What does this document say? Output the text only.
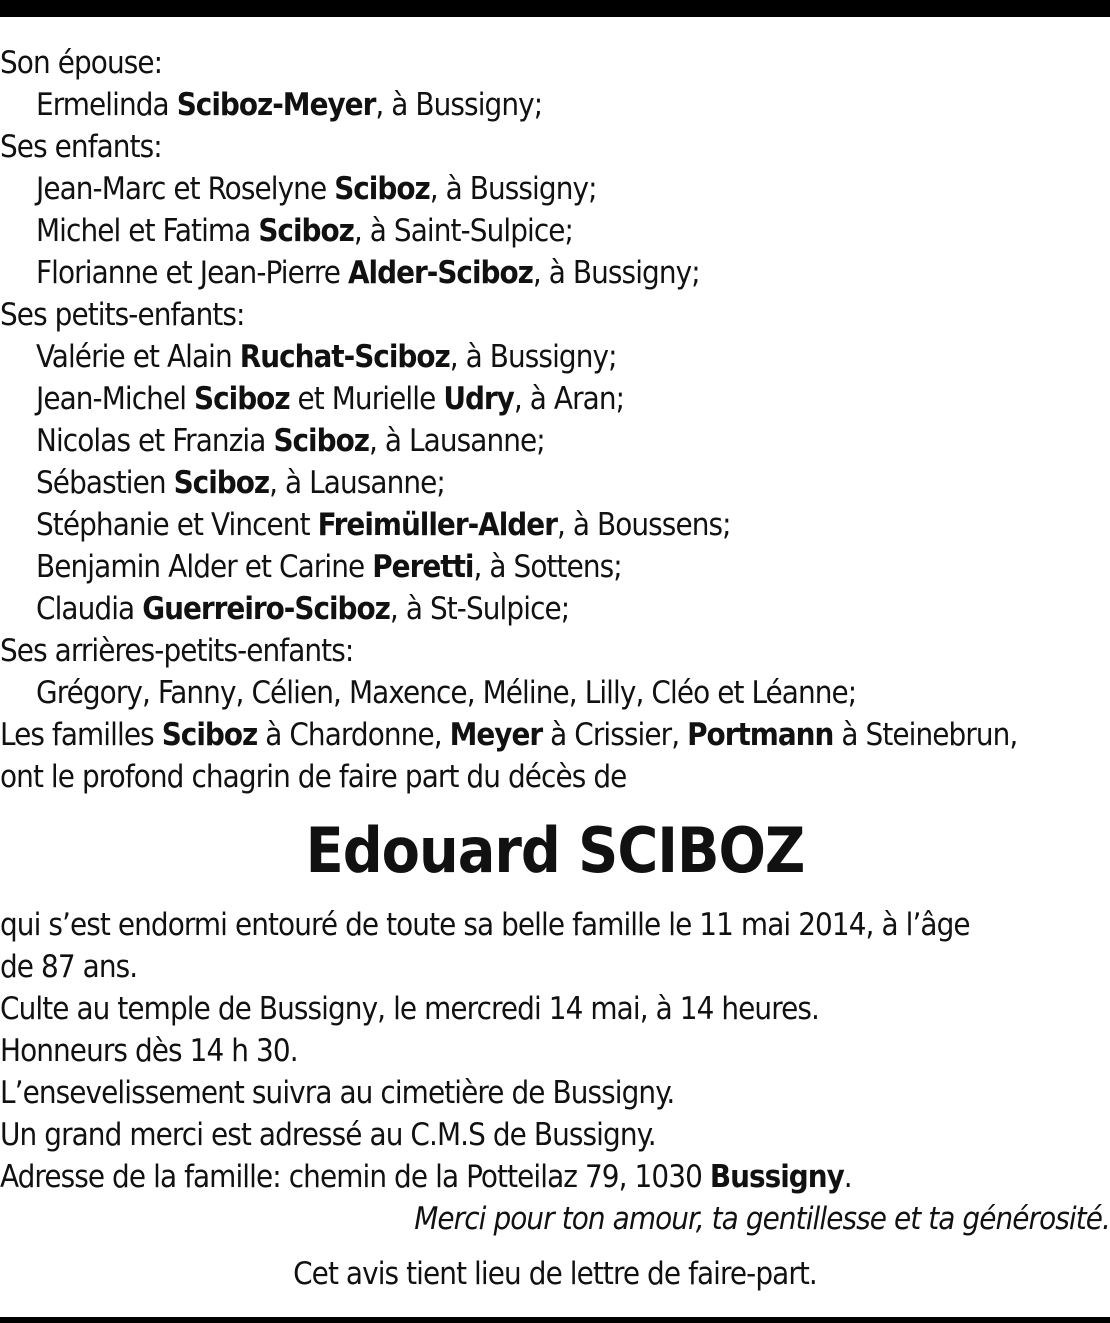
Son épouse:
Ermelinda Sciboz-Meyer, à Bussigny;
Ses enfants:
Jean-Marc et Roselyne Sciboz, à Bussigny;
Michel et Fatima Sciboz, à Saint-Sulpice;
Florianne et Jean-Pierre Alder-Sciboz, à Bussigny;
Ses petits-enfants:
Valérie et Alain Ruchat-Sciboz, à Bussigny;
Jean-Michel Sciboz et Murielle Udry, à Aran;
Nicolas et Franzia Sciboz, à Lausanne;
Sébastien Sciboz, à Lausanne;
Stéphanie et Vincent Freimüller-Alder, à Boussens;
Benjamin Alder et Carine Peretti, à Sottens;
Claudia Guerreiro-Sciboz, à St-Sulpice;
Ses arrières-petits-enfants:
Grégory, Fanny, Célien, Maxence, Méline, Lilly, Cléo et Léanne;
Les familles Sciboz à Chardonne, Meyer à Crissier, Portmann à Steinebrun,
ont le profond chagrin de faire part du décès de
Edouard SCIBOZ
qui s’est endormi entouré de toute sa belle famille le 11 mai 2014, à l’âge
de 87 ans.
Culte au temple de Bussigny, le mercredi 14 mai, à 14 heures.
Honneurs dès 14 h 30.
L’ensevelissement suivra au cimetière de Bussigny.
Un grand merci est adressé au C.M.S de Bussigny.
Adresse de la famille: chemin de la Potteilaz 79, 1030 Bussigny.
Merci pour ton amour, ta gentillesse et ta générosité.
Cet avis tient lieu de lettre de faire-part.
